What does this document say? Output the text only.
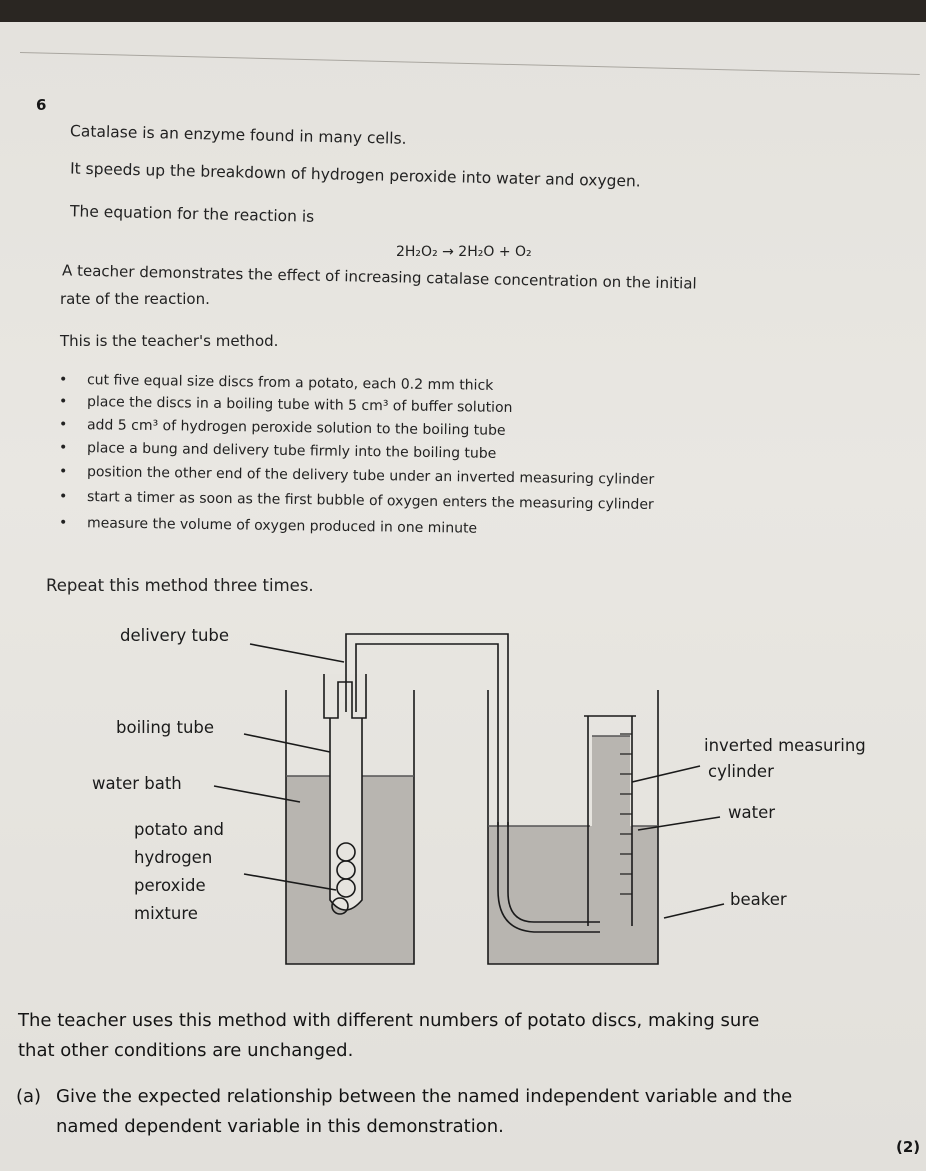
6
Catalase is an enzyme found in many cells.
It speeds up the breakdown of hydrogen peroxide into water and oxygen.
The equation for the reaction is
2H₂O₂ → 2H₂O + O₂
A teacher demonstrates the effect of increasing catalase concentration on the initial
rate of the reaction.
This is the teacher's method.
• cut five equal size discs from a potato, each 0.2 mm thick
• place the discs in a boiling tube with 5 cm³ of buffer solution
• add 5 cm³ of hydrogen peroxide solution to the boiling tube
• place a bung and delivery tube firmly into the boiling tube
• position the other end of the delivery tube under an inverted measuring cylinder
• start a timer as soon as the first bubble of oxygen enters the measuring cylinder
• measure the volume of oxygen produced in one minute
Repeat this method three times.
delivery tube
boiling tube
water bath
potato and
hydrogen
peroxide
mixture
inverted measuring
cylinder
water
beaker
The teacher uses this method with different numbers of potato discs, making sure
that other conditions are unchanged.
(a) Give the expected relationship between the named independent variable and the
named dependent variable in this demonstration.
(2)
